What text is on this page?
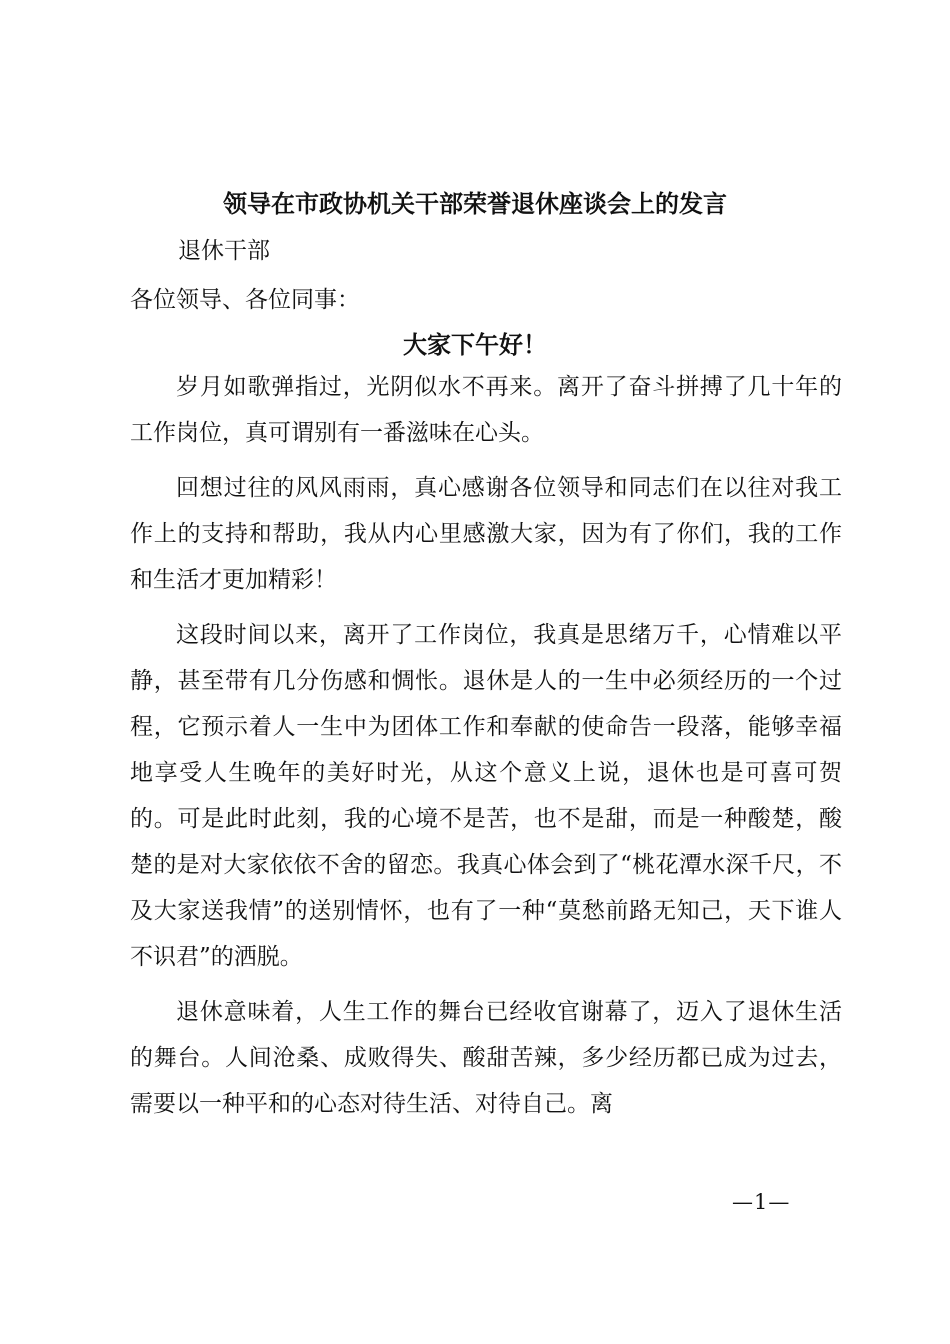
领导在市政协机关干部荣誉退休座谈会上的发言
退休干部
各位领导、各位同事：
大家下午好！

岁月如歌弹指过，光阴似水不再来。离开了奋斗拼搏了几十年的工作岗位，真可谓别有一番滋味在心头。

回想过往的风风雨雨，真心感谢各位领导和同志们在以往对我工作上的支持和帮助，我从内心里感激大家，因为有了你们，我的工作和生活才更加精彩！

这段时间以来，离开了工作岗位，我真是思绪万千，心情难以平静，甚至带有几分伤感和惆怅。退休是人的一生中必须经历的一个过程，它预示着人一生中为团体工作和奉献的使命告一段落，能够幸福地享受人生晚年的美好时光，从这个意义上说，退休也是可喜可贺的。可是此时此刻，我的心境不是苦，也不是甜，而是一种酸楚，酸楚的是对大家依依不舍的留恋。我真心体会到了“桃花潭水深千尺，不及大家送我情”的送别情怀，也有了一种“莫愁前路无知己，天下谁人不识君”的洒脱。

退休意味着，人生工作的舞台已经收官谢幕了，迈入了退休生活的舞台。人间沧桑、成败得失、酸甜苦辣，多少经历都已成为过去，需要以一种平和的心态对待生活、对待自己。离

—1—
